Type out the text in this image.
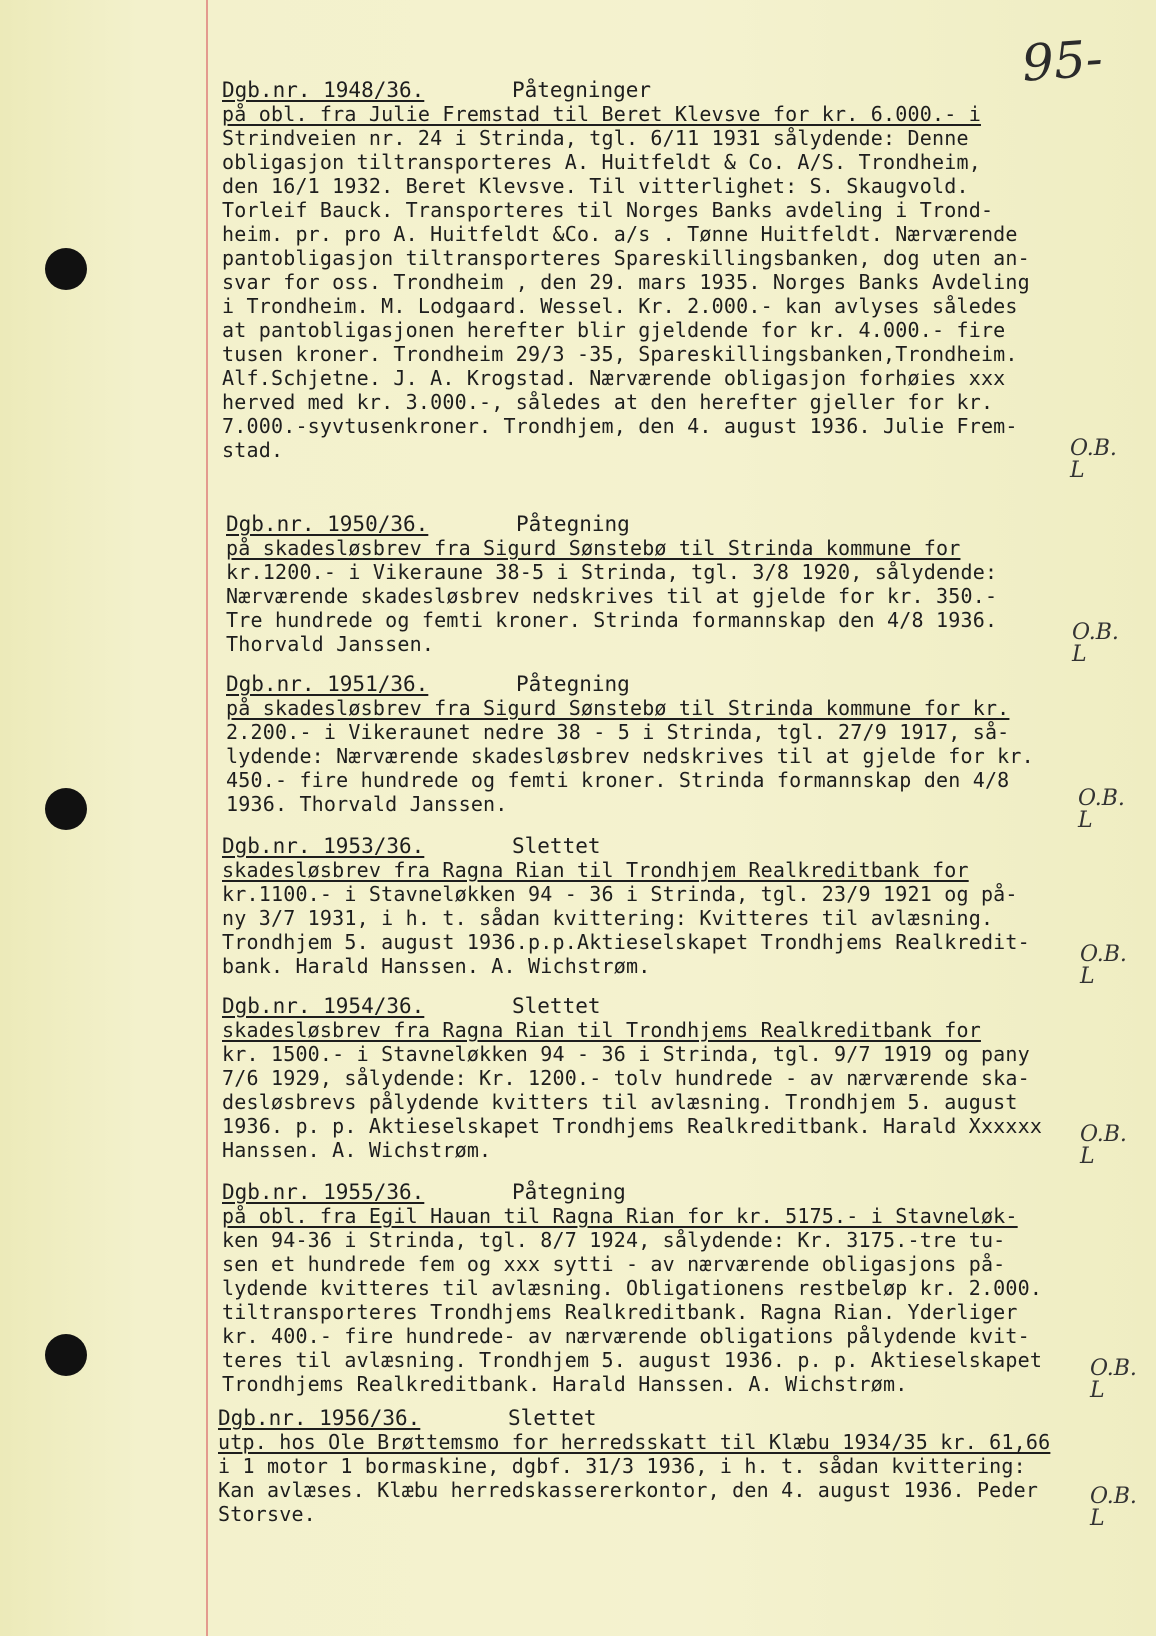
95-
Dgb.nr. 1948/36.	Påtegninger
på obl. fra Julie Fremstad til Beret Klevsve for kr. 6.000.- i
Strindveien nr. 24 i Strinda, tgl. 6/11 1931 sålydende: Denne
obligasjon tiltransporteres A. Huitfeldt & Co. A/S. Trondheim,
den 16/1 1932. Beret Klevsve. Til vitterlighet: S. Skaugvold.
Torleif Bauck. Transporteres til Norges Banks avdeling i Trond-
heim. pr. pro A. Huitfeldt &Co. a/s . Tønne Huitfeldt. Nærværende
pantobligasjon tiltransporteres Spareskillingsbanken, dog uten an-
svar for oss. Trondheim , den 29. mars 1935. Norges Banks Avdeling
i Trondheim. M. Lodgaard. Wessel. Kr. 2.000.- kan avlyses således
at pantobligasjonen herefter blir gjeldende for kr. 4.000.- fire
tusen kroner. Trondheim 29/3 -35, Spareskillingsbanken,Trondheim.
Alf.Schjetne. J. A. Krogstad. Nærværende obligasjon forhøies xxx
herved med kr. 3.000.-, således at den herefter gjeller for kr.
7.000.-syvtusenkroner. Trondhjem, den 4. august 1936. Julie Frem-
stad.
Dgb.nr. 1950/36.	Påtegning
på skadesløsbrev fra Sigurd Sønstebø til Strinda kommune for
kr.1200.- i Vikeraune 38-5 i Strinda, tgl. 3/8 1920, sålydende:
Nærværende skadesløsbrev nedskrives til at gjelde for kr. 350.-
Tre hundrede og femti kroner. Strinda formannskap den 4/8 1936.
Thorvald Janssen.
Dgb.nr. 1951/36.	Påtegning
på skadesløsbrev fra Sigurd Sønstebø til Strinda kommune for kr.
2.200.- i Vikeraunet nedre 38 - 5 i Strinda, tgl. 27/9 1917, så-
lydende: Nærværende skadesløsbrev nedskrives til at gjelde for kr.
450.- fire hundrede og femti kroner. Strinda formannskap den 4/8
1936. Thorvald Janssen.
Dgb.nr. 1953/36.	Slettet
skadesløsbrev fra Ragna Rian til Trondhjem Realkreditbank for
kr.1100.- i Stavneløkken 94 - 36 i Strinda, tgl. 23/9 1921 og på-
ny 3/7 1931, i h. t. sådan kvittering: Kvitteres til avlæsning.
Trondhjem 5. august 1936.p.p.Aktieselskapet Trondhjems Realkredit-
bank. Harald Hanssen. A. Wichstrøm.
Dgb.nr. 1954/36.	Slettet
skadesløsbrev fra Ragna Rian til Trondhjems Realkreditbank for
kr. 1500.- i Stavneløkken 94 - 36 i Strinda, tgl. 9/7 1919 og pany
7/6 1929, sålydende: Kr. 1200.- tolv hundrede - av nærværende ska-
desløsbrevs pålydende kvitters til avlæsning. Trondhjem 5. august
1936. p. p. Aktieselskapet Trondhjems Realkreditbank. Harald Xxxxxx
Hanssen. A. Wichstrøm.
Dgb.nr. 1955/36.	Påtegning
på obl. fra Egil Hauan til Ragna Rian for kr. 5175.- i Stavneløk-
ken 94-36 i Strinda, tgl. 8/7 1924, sålydende: Kr. 3175.-tre tu-
sen et hundrede fem og xxx sytti - av nærværende obligasjons på-
lydende kvitteres til avlæsning. Obligationens restbeløp kr. 2.000.
tiltransporteres Trondhjems Realkreditbank. Ragna Rian. Yderliger
kr. 400.- fire hundrede- av nærværende obligations pålydende kvit-
teres til avlæsning. Trondhjem 5. august 1936. p. p. Aktieselskapet
Trondhjems Realkreditbank. Harald Hanssen. A. Wichstrøm.
Dgb.nr. 1956/36.	Slettet
utp. hos Ole Brøttemsmo for herredsskatt til Klæbu 1934/35 kr. 61,66
i 1 motor 1 bormaskine, dgbf. 31/3 1936, i h. t. sådan kvittering:
Kan avlæses. Klæbu herredskassererkontor, den 4. august 1936. Peder
Storsve.
O.B.
L
O.B.
L
O.B.
L
O.B.
L
O.B.
L
O.B.
L
O.B.
L
